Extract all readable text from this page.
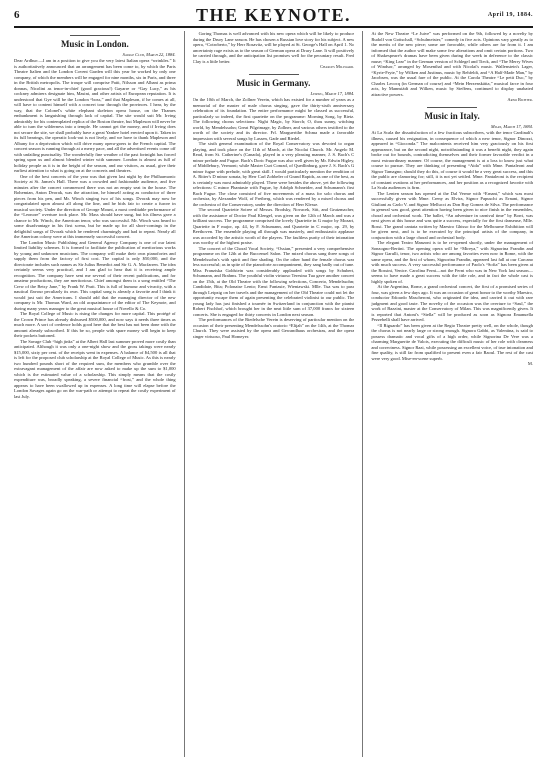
6	THE KEYNOTE.	April 19, 1884.
Music in London.
Savage Club, March 22, 1884.

Dear Ardhur:—I am in a position to give you the very latest Italian opera “wrinkles.” It is authoritatively announced that an arrangement has been come to, by which the Paris Theatre Italien and the London Covent Garden will this year be worked by only one company, of which the members will be engaged for nine months, six in Paris, and three in the British metropolis. The troupe will comprise Patti, Nilsson and Albani as prima donnas, Nicolini as tenor-in-chief (good gracious!) Gayarre or “Gay Lucy,” as his cockney admirers designate him, Masini, and other artists of European reputation. It is understood that Gye will be the London “boss,” and that Mapleson, if he comes at all, will have to content himself with a concert tour through the provinces. I hear, by the way, that the Colonel's white elephant skeleton opera house, on the Thames embankment is languishing through lack of capital. The site would suit Mr. Irving admirably for his contemplated replica of the Boston theatre, but Mapleson will never be able to turn the wilderness into a temple. He cannot get the money, and if Irving does not secure the site, we shall probably have a great Yankee hotel erected upon it. Taken in its full bearings, the operatic look-out is not lively, and we have to thank Mapleson and Albany for a deprivation which will drive many opera-goers to the French capital. The concert season is running through at a merry pace, and all the advertised events come off with unfailing punctuality. The wonderfully fine weather of the past fortnight has forced spring upon us and almost blended winter with summer. London is almost as full of holiday people as it is in the height of the season, and our visitors, as usual, give their earliest attention to what is going on at the concerts and theatres.

One of the best concerts of the year was that given last night by the Philharmonic Society at St. James's Hall. There was a crowded and fashionable audience, and five minutes after the concert commenced there was not an empty seat in the house. The Bohemian, Anton Dvorak, was the attraction, he himself acting as conductor of three pieces from his pen, and Mr. Winch singing two of his songs. Dvorak may now be congratulated upon almost all along the line, and he bids fair to create a furore in musical society. Under the direction of George Mount, a most creditable performance of the “Leonore” overture took place. Mr. Mass should have sung, but his illness gave a chance to Mr. Winch, the American tenor, who was successful. Mr. Winch was heard to some disadvantage in his first scena, but he made up for all short-comings in the delightful songs of Dvorak which he rendered charmingly and had to repeat. Nearly all the American colony were at this immensely successful concert.

The London Music Publishing and General Agency Company is one of our latest limited liability schemes. It is formed to facilitate the publication of meritorious works by young and unknown musicians. The company will make their own pianofortes and supply them from the factory of first cost. The capital is only $50,000, and the directorate includes such names as Sir Julius Benedict and Sir G. A. Macfarren. The idea certainly seems very practical, and I am glad to hear that it is receiving ample recognition. The company have sent me several of their recent publications, and for amateur productions, they are meritorious. Chief amongst them is a song entitled “The Crew of the Betsy Jane,” by Frank W. Pratt. This is full of humour and vivacity, with a nautical flavour peculiarly its own. This capital song is already a favorite and I think it would just suit the Americans. I should add that the managing director of the new company is Mr. Thomas Ward, an old acquaintance of the editor of The Keynote, and during many years manager to the great musical house of Novello & Co.

The Royal College of Music is rising the changes for more capital. This protégé of the Crown Prince has already disbursed $500,000, and now says it needs three times as much more. A sort of credence holds good here that the best has not been done with the amount already subscribed. If this be so, people with spare money will begin to keep their pockets buttoned.

The Savage Club “high jinks” at the Albert Hall last summer proved more costly than anticipated. Although it was only a one-night show and the gross takings were nearly $15,000, sixty per cent. of the receipts went in expenses. A balance of $4,500 is all that is left for the proposed club scholarship at the Royal College of Music. As this is nearly two hundred pounds short of the required sum, the members who grumble over the extravagant management of the affair are now asked to make up the sum to $1,000 which is the estimated value of a scholarship. This simply means that the costly expenditure was, broadly speaking, a severe financial “frost,” and the whole thing appears to have been swallowed up in expenses. A long time will elapse before the London Savages again go on the war-path or attempt to repeat the costly experiment of last July.

Goring Thomas is well advanced with his new opera which will be likely to produce during the Drury Lane season. He has chosen a Russian love story for his subject. A new opera, “Cotroberto,” by Herr Rosavitz, will be played at St. George's Hall on April 1. No uncertainty rage exists as to the season of German opera at Drury Lane. It will positively be carried through, and the anticipation list promises well for the pecuniary result. Fred Clay is a little better.

Charles Millward.
Music in Germany.
Leipzig, March 17, 1884.

On the 10th of March, the Zollner Verein, which has existed for a number of years as a memorial of the master of male chorus singing, gave the thirty-sixth anniversary celebration of its foundation. The entire performance might be classed as successful, particularly so indeed, the first quartette on the programme: Morning Song, by Rietz. The following chorus selections: Night Magic, by Storch; O, thou sunny, witching world, by Mendelssohn; Great Pilgrimage, by Zollner, and various others testified to the worth of the society and its director. Frl. Marguerithe Schma made a favorable impression with several songs by Lassen, Gade and Riedel.

The sixth general examination of the Royal Conservatory was devoted to organ playing, and took place on the 11th of March, at the Nicolai Church. Mr. Angelo M. Read, from St. Catherine's (Canada), played in a very pleasing manner, J. S. Bach's C minor prelude and Fugue. Bach's Doric Fugue was also well given by Mr. Edwin Higley, of Middlebury, Vermont; while Master Curt Conrad, of Quedlinburg, gave J. S. Bach's G minor fugue with prelude, with great skill. I would particularly mention the rendition of A. Ritter's D minor sonata, by Herr Carl Zobbeler of Grand Rapids, as one of the best, as is certainly was most admirably played. There were besides the above, yet the following selections: C minor Phantasie with Fugue, by Adolph Schneider, and Schumann's first Bach Fugue. The close consisted of five movements of a mass for solo chorus and orchestra, by Alexander Wolf, of Freiberg, which was rendered by a mixed chorus and the orchestra of the Conservatory, under the direction of Herr Klesse.

The second Quartette Soiree of Messrs. Brodsky, Novacek, Sitt, and Grutzmacher, with the assistance of Doctor Paul Klengel, was given on the 12th of March and was a brilliant success. The programme comprised the lovely Quartette in G major by Mozart, Quartette in F major, op. 44, by F. Schumann, and Quartette in C major, op. 29, by Beethoven. The ensemble playing all through was masterly, and enthusiastic applause was accorded by the artistic worth of the players. The faultless purity of their intonation was worthy of the highest praise.

The concert of the Choral Vocal Society, “Ossian,” presented a very comprehensive programme on the 12th at the Buccensel Salon. The mixed chorus sang three songs of Mendelssohn's with spirit and fine shading. On the other hand the female chorus was less successful; as in spite of the pianoforte accompaniment, they sang badly out of tune. Miss Franziska Goldstein was considerably applauded with songs by Schubert, Schumann, and Brahms. The youthful violin virtuoso Teresina Tua gave another concert on the 15th, at the Old Theatre with the following selections, Concerto, Mendelssohn; Candidate, Bita; Polonaise Lento; Ernst Fantasie, Wieniawski. Mlle. Tua was to pass through Leipzig on her travels and the management of the Old Theatre could not let the opportunity escape them of again presenting the celebrated violinist to our public. The young lady has just finished a tournée in Switzerland in conjunction with the pianist Robert Fischhof, which brought her in the neat little sum of 37,000 francs for sixteen concerts. She is engaged for thirty concerts in London next season.

The performances of the Riedelsche Verein is deserving of particular mention on the occasion of their presenting Mendelssohn's oratorio “Elijah” on the 14th, at the Thomas Church. They were assisted by the opera and Gewandhaus orchestras, and the opera singer virtuoso, Paul Homeyer.

At the New Theatre “Le Juive” was performed on the 9th, followed by a novelty by Rudolf von Gottschall, “Schulmeister,” comedy in five acts. Opinions vary greatly as to the merits of the new piece; some are favorable, while others are far from it. I am informed that the author will make some few alterations and omit certain portions. Two of Shakespeare's dramas have been given during the week in deference to the classic muse; “King Lear” in the German version of Schlegel and Tieck, and “The Merry Wives of Windsor,” arranged by Mosenthal and with Nicolai's music. Wallenstein's Lager, “Kyrie-Fryte,” by Wilken and Justinus, music by Rehfeldt, and “A Half-Made Man,” by Jacobsen, was the usual fare of the public. At the Carola Theatre “Le petit Duc,” by Charles Lecocq (in German of course) and “Mein Herzenskätta,” musical farce in four acts, by Mannstädt and Wilken, music by Steffens, continued to display unabated attractive powers.

Arno Richter.
Music in Italy.
Milan, March 17, 1884.

At La Scala the dissatisfaction of a few fractious subscribers, with the tenor Cardinali's illness, caused his resignation, in consequence of which a new tenor, Signor Dinozzi, appeared in “Gioconda.” The malcontents received him very graciously on his first appearance, but on the second night, notwithstanding it was a benefit night, they again broke out for bounds, contradicting themselves and their former favorable verdict in a most extraordinary manner. Of course, the management is at a loss to know just what course to pursue. They are thinking of presenting “Aida” with Mme. Pantaleoni and Signor Tamagno; should they do this, of course it would be a very great success, and this the public are clamoring for; still, it is not yet settled. Mme. Pantaleoni is the recipient of constant ovations at her performances, and her position as a recognized favorite with La Scala audiences is firm.

The Lenten season has opened at the Dal Verme with “Ernani,” which was most successfully given with Mme. Creny as Elvira, Signor Papuschi as Ernani, Signor Giuliani as Carlo V. and Signor Mellucci as Don Ruy Gomez de Silva. The performance in general was good, great attention having been given to nice finish in the ensembles, choral and orchestral work. The ballet, “An adventure in carnival time” by Borri, was next given at this house and was quite a success, especially for the first danseuse, Mlle. Rossi. The grand cantata written by Maestro Ghisso for the Melbourne Exhibition will be given next, and is to be executed by the principal artists of the company, in conjunction with a large choral and orchestral body.

The elegant Teatro Manzoni is to be re-opened shortly, under the management of Sonzogno-Bertini. The opening opera will be “Mireya,” with Signorina Frandin and Signor Garulli, tenor, two artists who are among favorites even now in Rome, with the same opera, and the first of whom, Signorina Frandin, appeared last fall at our Carcano with much success. A very successful performance of Paolo's “Sofia” has been given at the Rossini, Venice. Carolina Ferni—not the Ferni who was in New York last season—seems to have made a great success with the title role, and in fact the whole cast is highly spoken of.

At the Argentina, Rome, a grand orchestral concert, the first of a promised series of four, was given a few days ago. It was an occasion of great honor to the worthy Maestro, conductor Edoardo Mascheroni, who originated the idea, and carried it out with rare judgment and good taste. The novelty of the occasion was the overture to “Saul,” the work of Bazzini, master at the Conservatory of Milan. This was magnificently given. It is reported that Antoni's “Stella” will be produced as soon as Signora Emanuella Pezzebelli shall have arrived.

“Il Riguardo” has been given at the Regio Theatre pretty well, on the whole, though the chorus is not nearly large or strong enough. Signora Gabbi, as Valentina, is said to possess dramatic and vocal gifts of a high order, while Signorina De Vere was a charming Marguerite de Valois, executing the difficult music of her role with clearness and correctness. Signor Razi, while possessing an excellent voice, of true intonation and fine quality, is still far from qualified to present even a fair Raoul. The rest of the cast were very good. Mise-en-scene superb.

M.
